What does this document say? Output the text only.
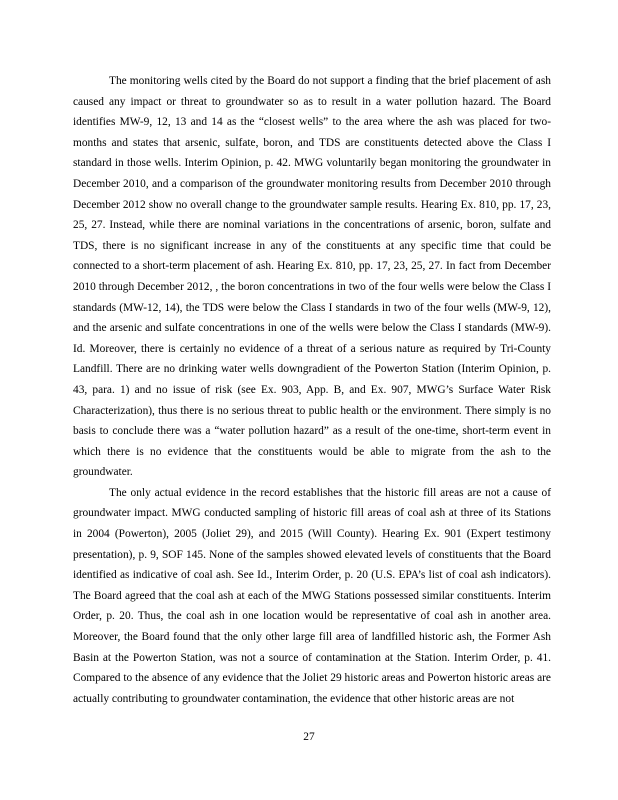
The monitoring wells cited by the Board do not support a finding that the brief placement of ash caused any impact or threat to groundwater so as to result in a water pollution hazard. The Board identifies MW-9, 12, 13 and 14 as the “closest wells” to the area where the ash was placed for two-months and states that arsenic, sulfate, boron, and TDS are constituents detected above the Class I standard in those wells. Interim Opinion, p. 42. MWG voluntarily began monitoring the groundwater in December 2010, and a comparison of the groundwater monitoring results from December 2010 through December 2012 show no overall change to the groundwater sample results. Hearing Ex. 810, pp. 17, 23, 25, 27. Instead, while there are nominal variations in the concentrations of arsenic, boron, sulfate and TDS, there is no significant increase in any of the constituents at any specific time that could be connected to a short-term placement of ash. Hearing Ex. 810, pp. 17, 23, 25, 27. In fact from December 2010 through December 2012, , the boron concentrations in two of the four wells were below the Class I standards (MW-12, 14), the TDS were below the Class I standards in two of the four wells (MW-9, 12), and the arsenic and sulfate concentrations in one of the wells were below the Class I standards (MW-9). Id. Moreover, there is certainly no evidence of a threat of a serious nature as required by Tri-County Landfill. There are no drinking water wells downgradient of the Powerton Station (Interim Opinion, p. 43, para. 1) and no issue of risk (see Ex. 903, App. B, and Ex. 907, MWG’s Surface Water Risk Characterization), thus there is no serious threat to public health or the environment. There simply is no basis to conclude there was a “water pollution hazard” as a result of the one-time, short-term event in which there is no evidence that the constituents would be able to migrate from the ash to the groundwater.

The only actual evidence in the record establishes that the historic fill areas are not a cause of groundwater impact. MWG conducted sampling of historic fill areas of coal ash at three of its Stations in 2004 (Powerton), 2005 (Joliet 29), and 2015 (Will County). Hearing Ex. 901 (Expert testimony presentation), p. 9, SOF 145. None of the samples showed elevated levels of constituents that the Board identified as indicative of coal ash. See Id., Interim Order, p. 20 (U.S. EPA’s list of coal ash indicators). The Board agreed that the coal ash at each of the MWG Stations possessed similar constituents. Interim Order, p. 20. Thus, the coal ash in one location would be representative of coal ash in another area. Moreover, the Board found that the only other large fill area of landfilled historic ash, the Former Ash Basin at the Powerton Station, was not a source of contamination at the Station. Interim Order, p. 41. Compared to the absence of any evidence that the Joliet 29 historic areas and Powerton historic areas are actually contributing to groundwater contamination, the evidence that other historic areas are not

27
